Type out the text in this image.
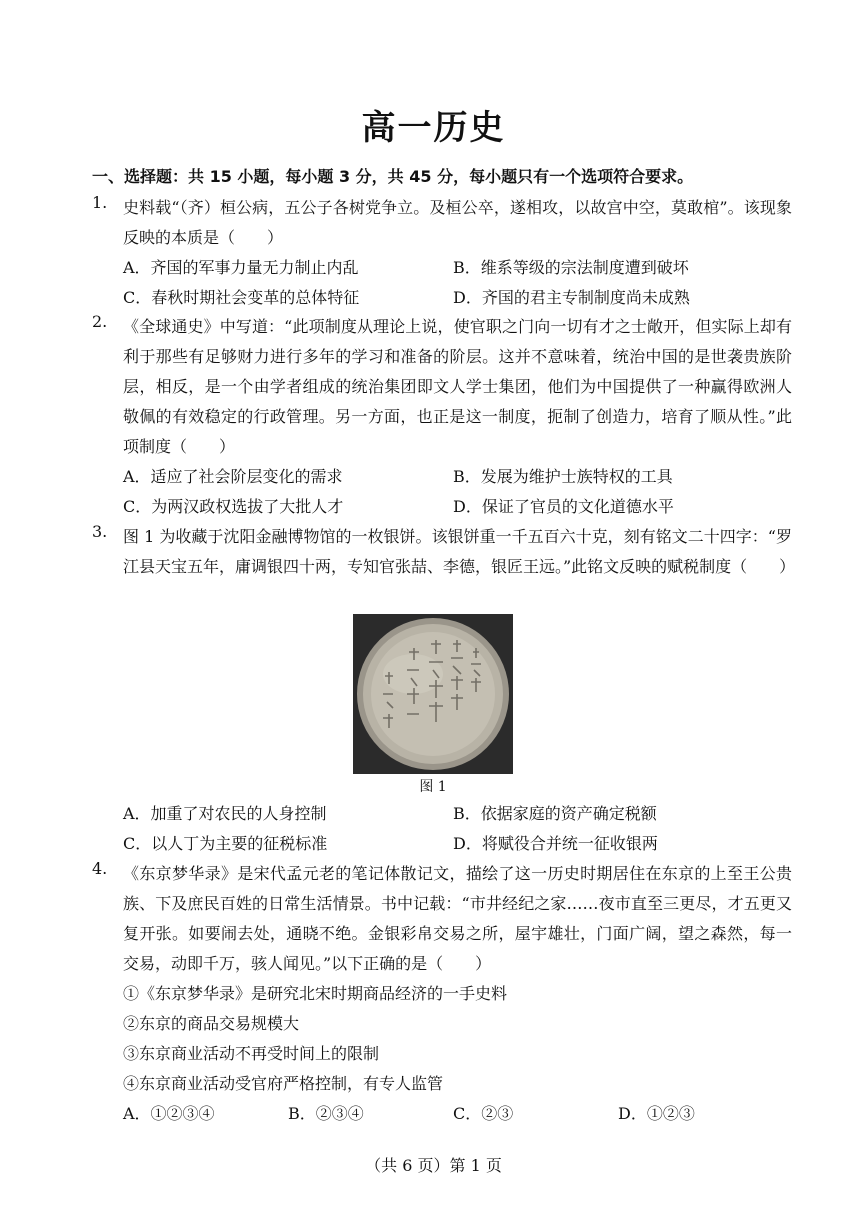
高一历史
一、选择题：共 15 小题，每小题 3 分，共 45 分，每小题只有一个选项符合要求。
1. 史料载“（齐）桓公病，五公子各树党争立。及桓公卒，遂相攻，以故宫中空，莫敢棺”。该现象反映的本质是（　　）
A．齐国的军事力量无力制止内乱	B．维系等级的宗法制度遭到破坏
C．春秋时期社会变革的总体特征	D．齐国的君主专制制度尚未成熟
2. 《全球通史》中写道：“此项制度从理论上说，使官职之门向一切有才之士敞开，但实际上却有利于那些有足够财力进行多年的学习和准备的阶层。这并不意味着，统治中国的是世袭贵族阶层，相反，是一个由学者组成的统治集团即文人学士集团，他们为中国提供了一种赢得欧洲人敬佩的有效稳定的行政管理。另一方面，也正是这一制度，扼制了创造力，培育了顺从性。”此项制度（　　）
A．适应了社会阶层变化的需求	B．发展为维护士族特权的工具
C．为两汉政权选拔了大批人才	D．保证了官员的文化道德水平
3. 图 1 为收藏于沈阳金融博物馆的一枚银饼。该银饼重一千五百六十克，刻有铭文二十四字：“罗江县天宝五年，庸调银四十两，专知官张喆、李德，银匠王远。”此铭文反映的赋税制度（　　）
图 1
A．加重了对农民的人身控制	B．依据家庭的资产确定税额
C．以人丁为主要的征税标准	D．将赋役合并统一征收银两
4. 《东京梦华录》是宋代孟元老的笔记体散记文，描绘了这一历史时期居住在东京的上至王公贵族、下及庶民百姓的日常生活情景。书中记载：“市井经纪之家……夜市直至三更尽，才五更又复开张。如要闹去处，通晓不绝。金银彩帛交易之所，屋宇雄壮，门面广阔，望之森然，每一交易，动即千万，骇人闻见。”以下正确的是（　　）
①《东京梦华录》是研究北宋时期商品经济的一手史料
②东京的商品交易规模大
③东京商业活动不再受时间上的限制
④东京商业活动受官府严格控制，有专人监管
A．①②③④	B．②③④	C．②③	D．①②③
（共 6 页）第 1 页
